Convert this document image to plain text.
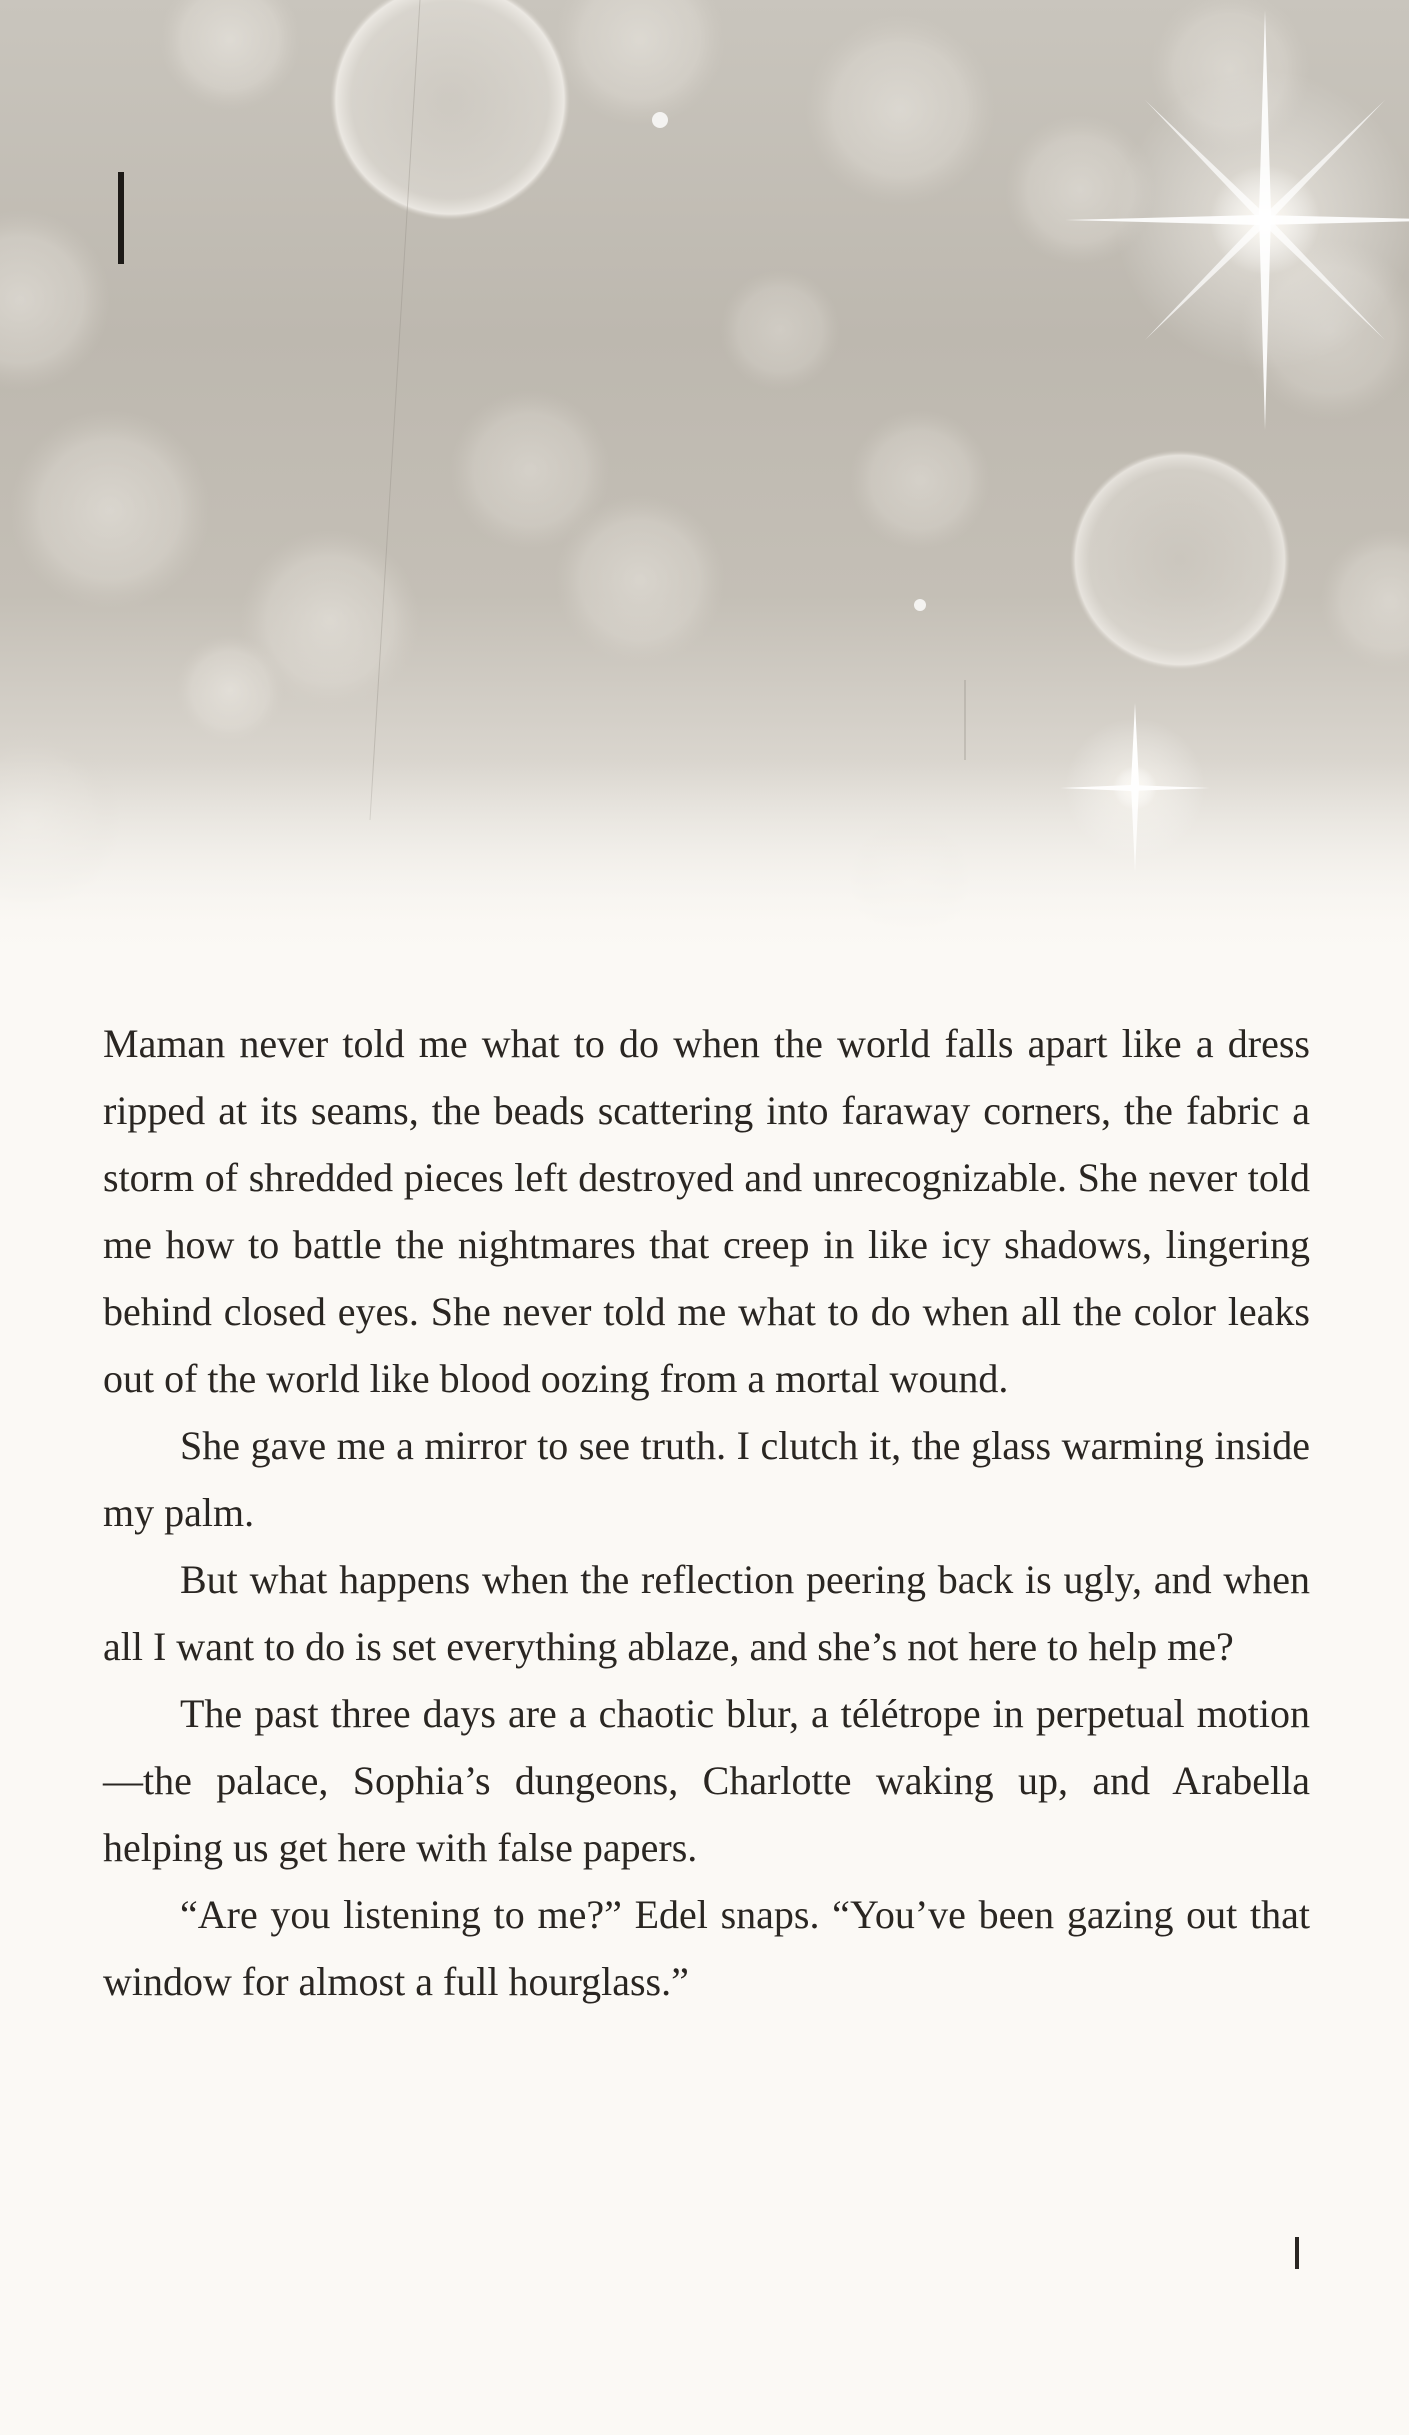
Maman never told me what to do when the world falls apart like a dress ripped at its seams, the beads scattering into faraway corners, the fabric a storm of shredded pieces left destroyed and unrecognizable. She never told me how to battle the nightmares that creep in like icy shadows, lingering behind closed eyes. She never told me what to do when all the color leaks out of the world like blood oozing from a mortal wound.

She gave me a mirror to see truth. I clutch it, the glass warming inside my palm.

But what happens when the reflection peering back is ugly, and when all I want to do is set everything ablaze, and she’s not here to help me?

The past three days are a chaotic blur, a télétrope in perpetual motion—the palace, Sophia’s dungeons, Charlotte waking up, and Arabella helping us get here with false papers.

“Are you listening to me?” Edel snaps. “You’ve been gazing out that window for almost a full hourglass.”
